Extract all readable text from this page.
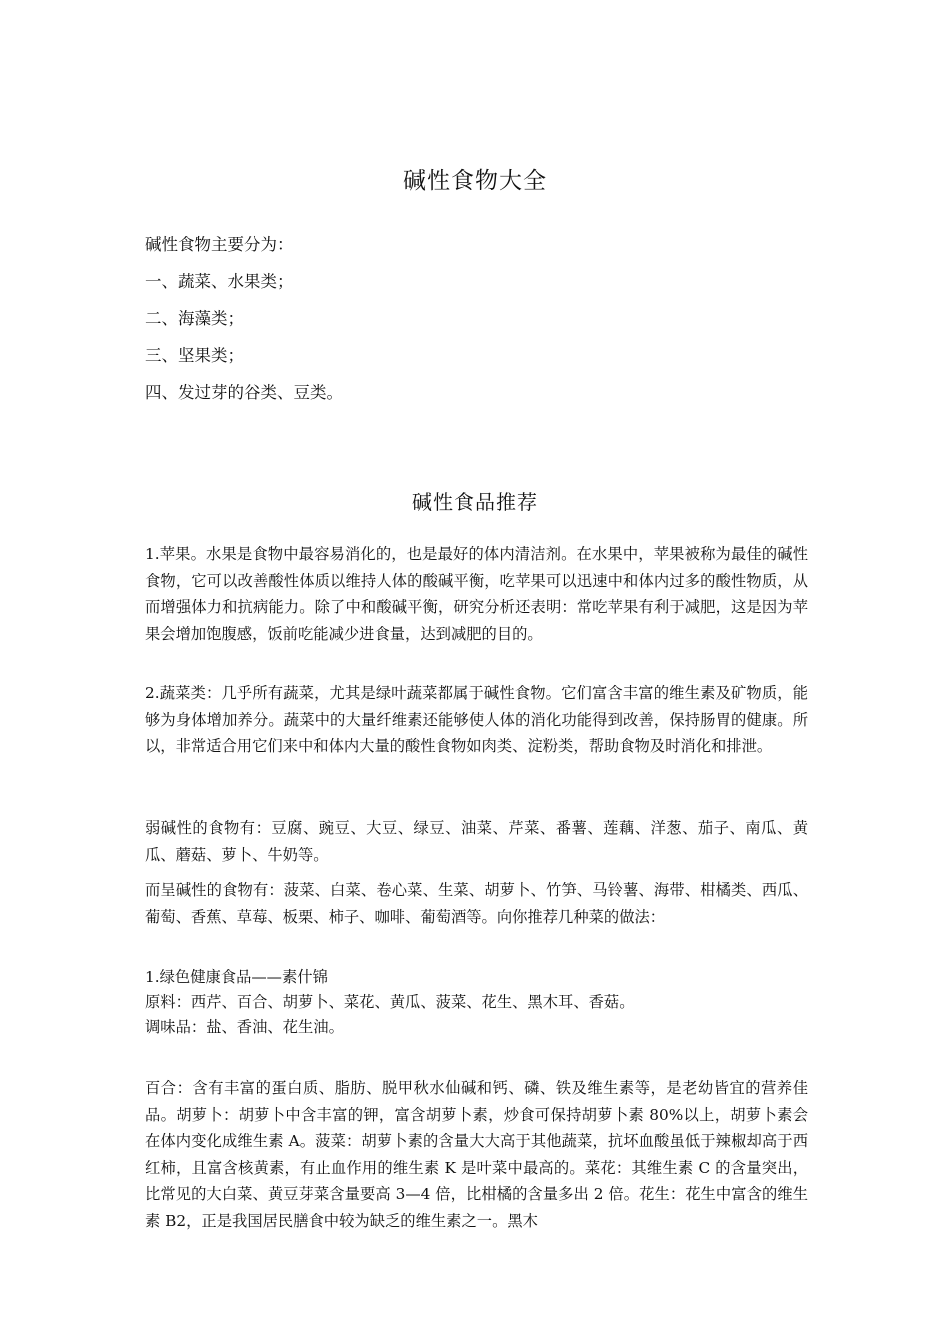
碱性食物大全
碱性食物主要分为：
一、蔬菜、水果类；
二、海藻类；
三、坚果类；
四、发过芽的谷类、豆类。
碱性食品推荐

1.苹果。水果是食物中最容易消化的，也是最好的体内清洁剂。在水果中，苹果被称为最佳的碱性食物，它可以改善酸性体质以维持人体的酸碱平衡，吃苹果可以迅速中和体内过多的酸性物质，从而增强体力和抗病能力。除了中和酸碱平衡，研究分析还表明：常吃苹果有利于减肥，这是因为苹果会增加饱腹感，饭前吃能减少进食量，达到减肥的目的。

2.蔬菜类：几乎所有蔬菜，尤其是绿叶蔬菜都属于碱性食物。它们富含丰富的维生素及矿物质，能够为身体增加养分。蔬菜中的大量纤维素还能够使人体的消化功能得到改善，保持肠胃的健康。所以，非常适合用它们来中和体内大量的酸性食物如肉类、淀粉类，帮助食物及时消化和排泄。

弱碱性的食物有：豆腐、豌豆、大豆、绿豆、油菜、芹菜、番薯、莲藕、洋葱、茄子、南瓜、黄瓜、蘑菇、萝卜、牛奶等。

而呈碱性的食物有：菠菜、白菜、卷心菜、生菜、胡萝卜、竹笋、马铃薯、海带、柑橘类、西瓜、葡萄、香蕉、草莓、板栗、柿子、咖啡、葡萄酒等。向你推荐几种菜的做法：

1.绿色健康食品——素什锦
原料：西芹、百合、胡萝卜、菜花、黄瓜、菠菜、花生、黑木耳、香菇。
调味品：盐、香油、花生油。

百合：含有丰富的蛋白质、脂肪、脱甲秋水仙碱和钙、磷、铁及维生素等，是老幼皆宜的营养佳品。胡萝卜：胡萝卜中含丰富的钾，富含胡萝卜素，炒食可保持胡萝卜素 80%以上，胡萝卜素会在体内变化成维生素 A。菠菜：胡萝卜素的含量大大高于其他蔬菜，抗坏血酸虽低于辣椒却高于西红柿，且富含核黄素，有止血作用的维生素 K 是叶菜中最高的。菜花：其维生素 C 的含量突出，比常见的大白菜、黄豆芽菜含量要高 3—4 倍，比柑橘的含量多出 2 倍。花生：花生中富含的维生素 B2，正是我国居民膳食中较为缺乏的维生素之一。黑木
